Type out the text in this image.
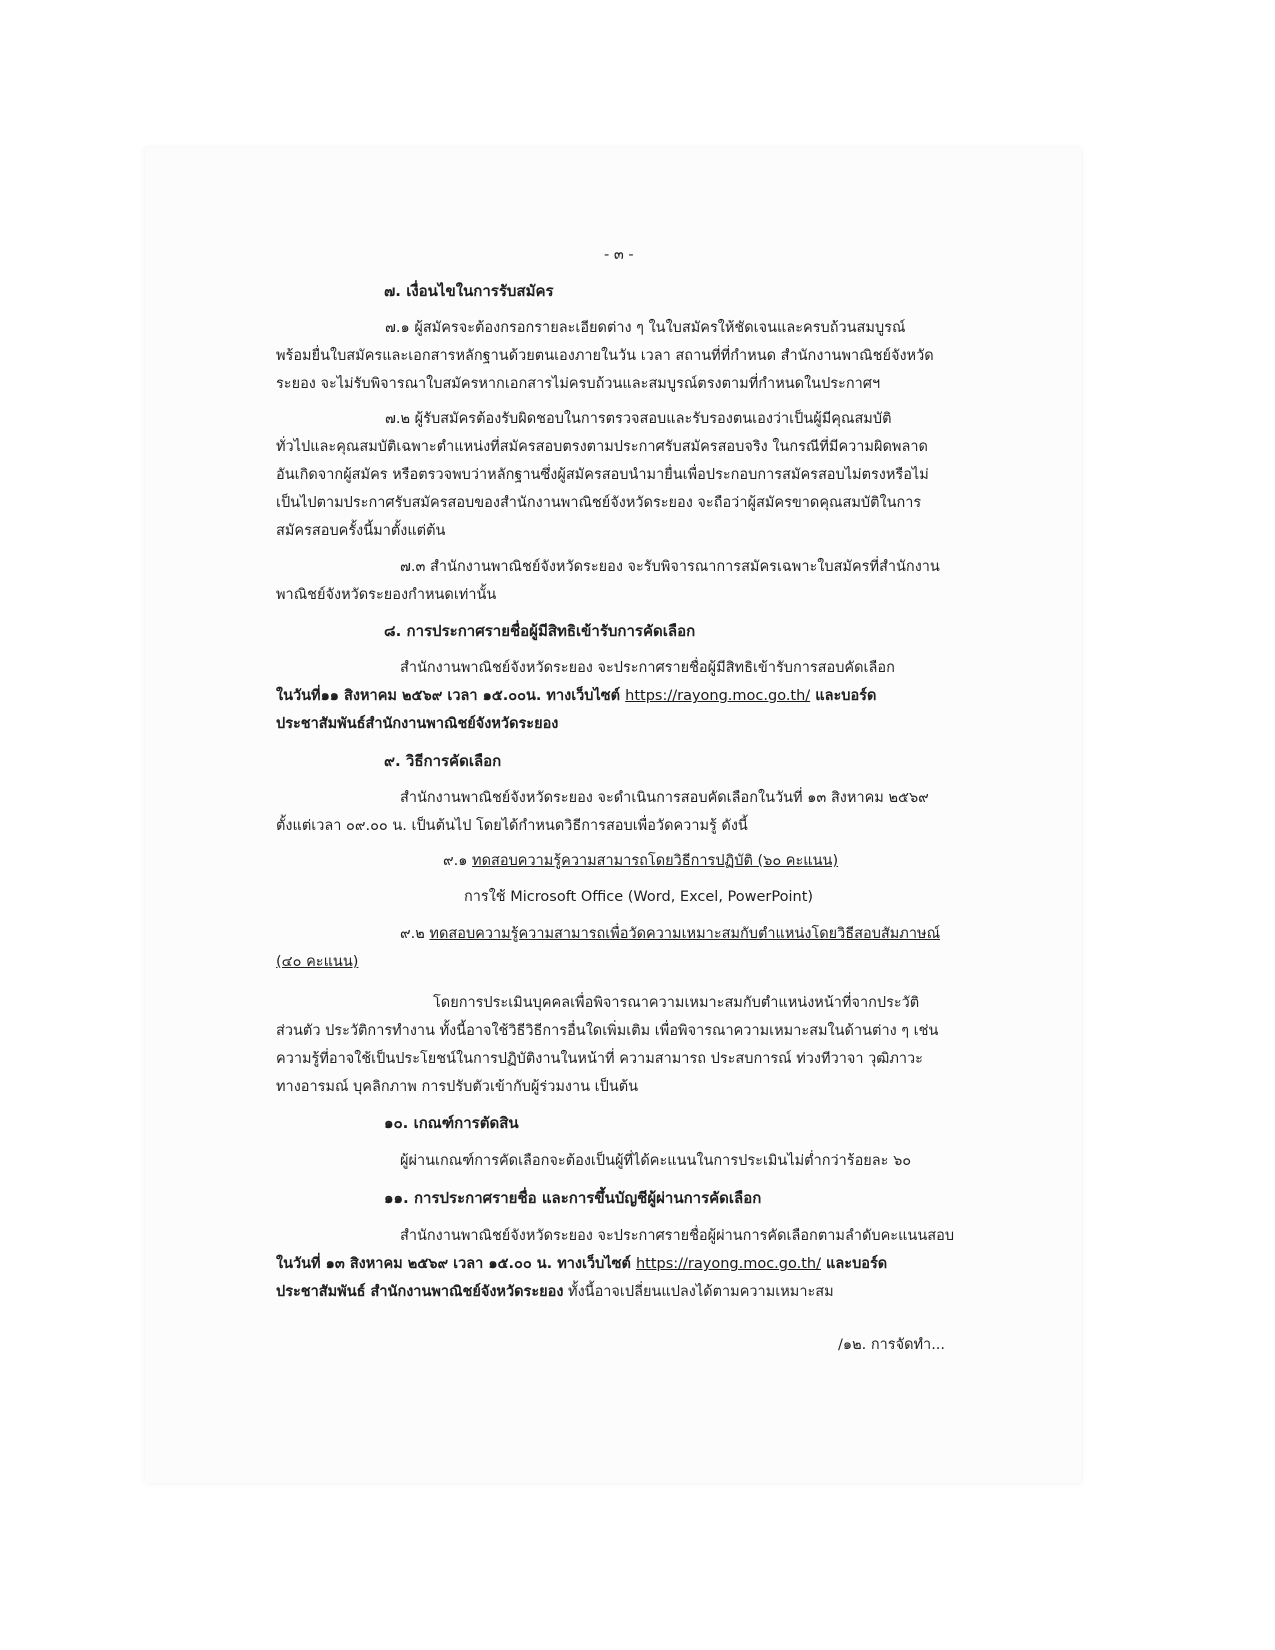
- ๓ -
๗. เงื่อนไขในการรับสมัคร
๗.๑ ผู้สมัครจะต้องกรอกรายละเอียดต่าง ๆ ในใบสมัครให้ชัดเจนและครบถ้วนสมบูรณ์
พร้อมยื่นใบสมัครและเอกสารหลักฐานด้วยตนเองภายในวัน เวลา สถานที่ที่กำหนด สำนักงานพาณิชย์จังหวัด
ระยอง จะไม่รับพิจารณาใบสมัครหากเอกสารไม่ครบถ้วนและสมบูรณ์ตรงตามที่กำหนดในประกาศฯ
๗.๒ ผู้รับสมัครต้องรับผิดชอบในการตรวจสอบและรับรองตนเองว่าเป็นผู้มีคุณสมบัติ
ทั่วไปและคุณสมบัติเฉพาะตำแหน่งที่สมัครสอบตรงตามประกาศรับสมัครสอบจริง ในกรณีที่มีความผิดพลาด
อันเกิดจากผู้สมัคร หรือตรวจพบว่าหลักฐานซึ่งผู้สมัครสอบนำมายื่นเพื่อประกอบการสมัครสอบไม่ตรงหรือไม่
เป็นไปตามประกาศรับสมัครสอบของสำนักงานพาณิชย์จังหวัดระยอง จะถือว่าผู้สมัครขาดคุณสมบัติในการ
สมัครสอบครั้งนี้มาตั้งแต่ต้น
๗.๓ สำนักงานพาณิชย์จังหวัดระยอง จะรับพิจารณาการสมัครเฉพาะใบสมัครที่สำนักงาน
พาณิชย์จังหวัดระยองกำหนดเท่านั้น
๘. การประกาศรายชื่อผู้มีสิทธิเข้ารับการคัดเลือก
สำนักงานพาณิชย์จังหวัดระยอง จะประกาศรายชื่อผู้มีสิทธิเข้ารับการสอบคัดเลือก
ในวันที่๑๑ สิงหาคม ๒๕๖๙ เวลา ๑๕.๐๐น. ทางเว็บไซต์ https://rayong.moc.go.th/ และบอร์ด
ประชาสัมพันธ์สำนักงานพาณิชย์จังหวัดระยอง
๙. วิธีการคัดเลือก
สำนักงานพาณิชย์จังหวัดระยอง จะดำเนินการสอบคัดเลือกในวันที่ ๑๓ สิงหาคม ๒๕๖๙
ตั้งแต่เวลา ๐๙.๐๐ น. เป็นต้นไป โดยได้กำหนดวิธีการสอบเพื่อวัดความรู้ ดังนี้
๙.๑ ทดสอบความรู้ความสามารถโดยวิธีการปฏิบัติ (๖๐ คะแนน)
การใช้ Microsoft Office (Word, Excel, PowerPoint)
๙.๒ ทดสอบความรู้ความสามารถเพื่อวัดความเหมาะสมกับตำแหน่งโดยวิธีสอบสัมภาษณ์
(๔๐ คะแนน)
โดยการประเมินบุคคลเพื่อพิจารณาความเหมาะสมกับตำแหน่งหน้าที่จากประวัติ
ส่วนตัว ประวัติการทำงาน ทั้งนี้อาจใช้วิธีวิธีการอื่นใดเพิ่มเติม เพื่อพิจารณาความเหมาะสมในด้านต่าง ๆ เช่น
ความรู้ที่อาจใช้เป็นประโยชน์ในการปฏิบัติงานในหน้าที่ ความสามารถ ประสบการณ์ ท่วงทีวาจา วุฒิภาวะ
ทางอารมณ์ บุคลิกภาพ การปรับตัวเข้ากับผู้ร่วมงาน เป็นต้น
๑๐. เกณฑ์การตัดสิน
ผู้ผ่านเกณฑ์การคัดเลือกจะต้องเป็นผู้ที่ได้คะแนนในการประเมินไม่ต่ำกว่าร้อยละ ๖๐
๑๑. การประกาศรายชื่อ และการขึ้นบัญชีผู้ผ่านการคัดเลือก
สำนักงานพาณิชย์จังหวัดระยอง จะประกาศรายชื่อผู้ผ่านการคัดเลือกตามลำดับคะแนนสอบ
ในวันที่ ๑๓ สิงหาคม ๒๕๖๙ เวลา ๑๕.๐๐ น. ทางเว็บไซต์ https://rayong.moc.go.th/ และบอร์ด
ประชาสัมพันธ์ สำนักงานพาณิชย์จังหวัดระยอง ทั้งนี้อาจเปลี่ยนแปลงได้ตามความเหมาะสม
/๑๒. การจัดทำ...
